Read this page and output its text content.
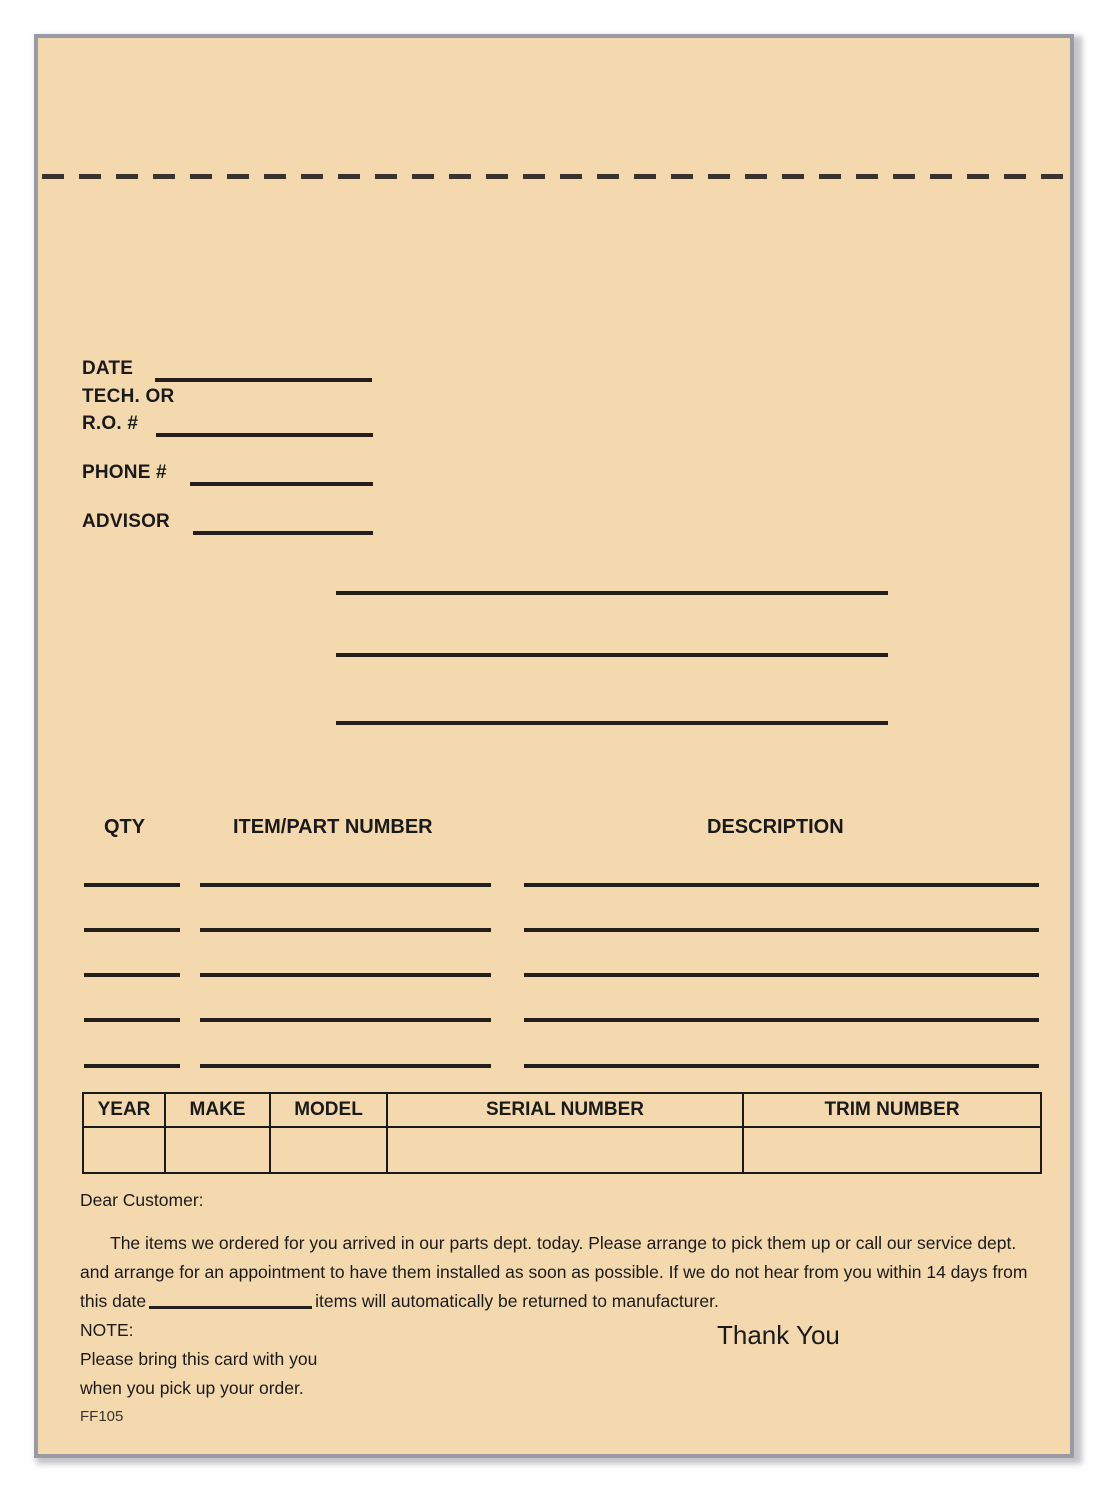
DATE
TECH. OR
R.O. #
PHONE #
ADVISOR
QTY	ITEM/PART NUMBER	DESCRIPTION
YEAR	MAKE	MODEL	SERIAL NUMBER	TRIM NUMBER

Dear Customer:

The items we ordered for you arrived in our parts dept. today. Please arrange to pick them up or call our service dept. and arrange for an appointment to have them installed as soon as possible. If we do not hear from you within 14 days from this date	items will automatically be returned to manufacturer.

NOTE:
Please bring this card with you
when you pick up your order.
Thank You
FF105
